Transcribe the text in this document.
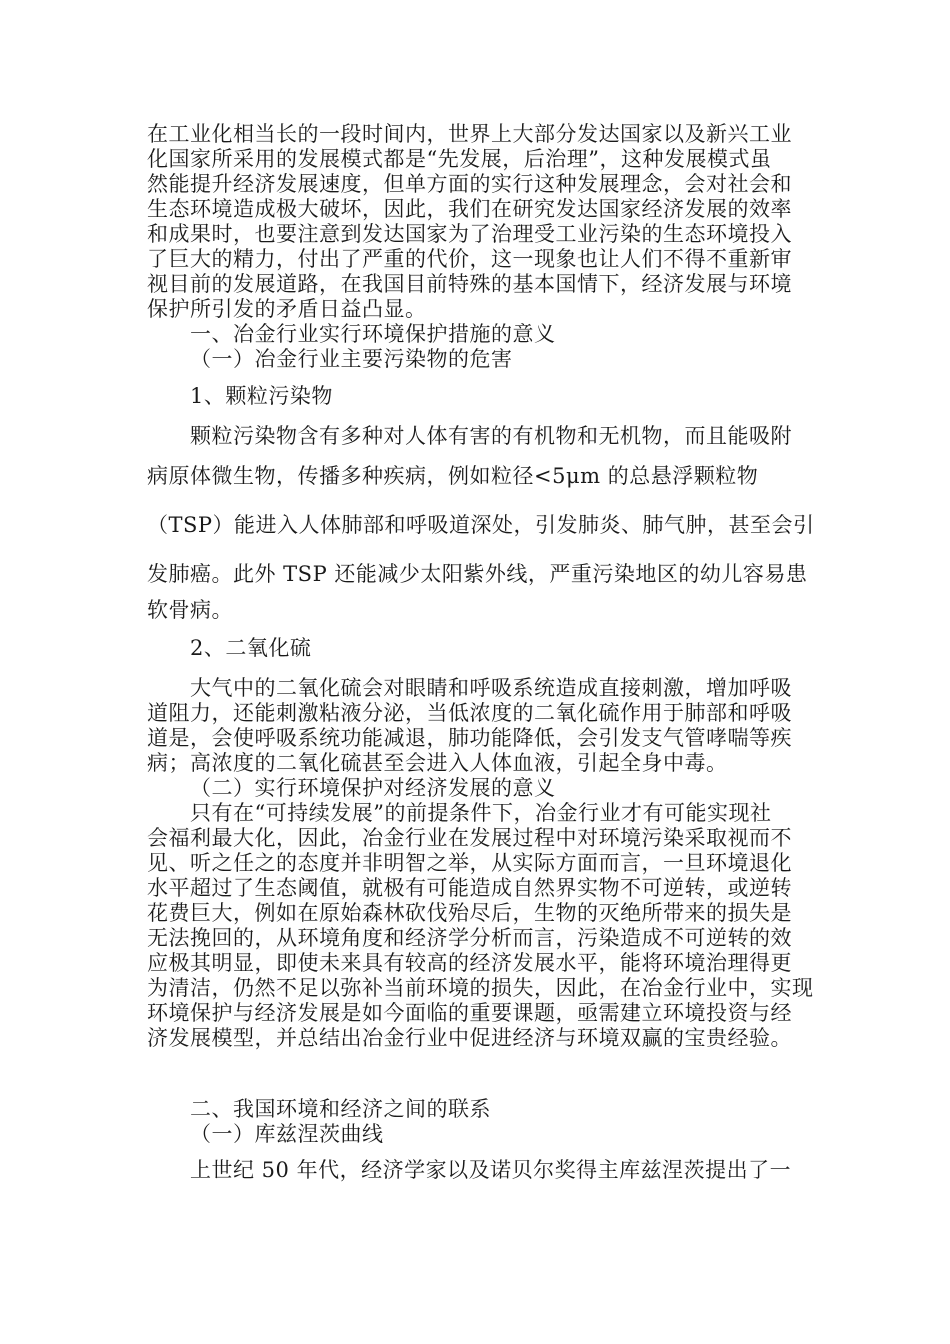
在工业化相当长的一段时间内，世界上大部分发达国家以及新兴工业
化国家所采用的发展模式都是“先发展，后治理”，这种发展模式虽
然能提升经济发展速度，但单方面的实行这种发展理念，会对社会和
生态环境造成极大破坏，因此，我们在研究发达国家经济发展的效率
和成果时，也要注意到发达国家为了治理受工业污染的生态环境投入
了巨大的精力，付出了严重的代价，这一现象也让人们不得不重新审
视目前的发展道路，在我国目前特殊的基本国情下，经济发展与环境
保护所引发的矛盾日益凸显。
一、冶金行业实行环境保护措施的意义
（一）冶金行业主要污染物的危害
1、颗粒污染物
颗粒污染物含有多种对人体有害的有机物和无机物，而且能吸附
病原体微生物，传播多种疾病，例如粒径<5μm 的总悬浮颗粒物
（TSP）能进入人体肺部和呼吸道深处，引发肺炎、肺气肿，甚至会引
发肺癌。此外 TSP 还能减少太阳紫外线，严重污染地区的幼儿容易患
软骨病。
2、二氧化硫
大气中的二氧化硫会对眼睛和呼吸系统造成直接刺激，增加呼吸
道阻力，还能刺激粘液分泌，当低浓度的二氧化硫作用于肺部和呼吸
道是，会使呼吸系统功能减退，肺功能降低，会引发支气管哮喘等疾
病；高浓度的二氧化硫甚至会进入人体血液，引起全身中毒。
（二）实行环境保护对经济发展的意义
只有在“可持续发展”的前提条件下，冶金行业才有可能实现社
会福利最大化，因此，冶金行业在发展过程中对环境污染采取视而不
见、听之任之的态度并非明智之举，从实际方面而言，一旦环境退化
水平超过了生态阈值，就极有可能造成自然界实物不可逆转，或逆转
花费巨大，例如在原始森林砍伐殆尽后，生物的灭绝所带来的损失是
无法挽回的，从环境角度和经济学分析而言，污染造成不可逆转的效
应极其明显，即使未来具有较高的经济发展水平，能将环境治理得更
为清洁，仍然不足以弥补当前环境的损失，因此，在冶金行业中，实现
环境保护与经济发展是如今面临的重要课题，亟需建立环境投资与经
济发展模型，并总结出冶金行业中促进经济与环境双赢的宝贵经验。
二、我国环境和经济之间的联系
（一）库兹涅茨曲线
上世纪 50 年代，经济学家以及诺贝尔奖得主库兹涅茨提出了一
